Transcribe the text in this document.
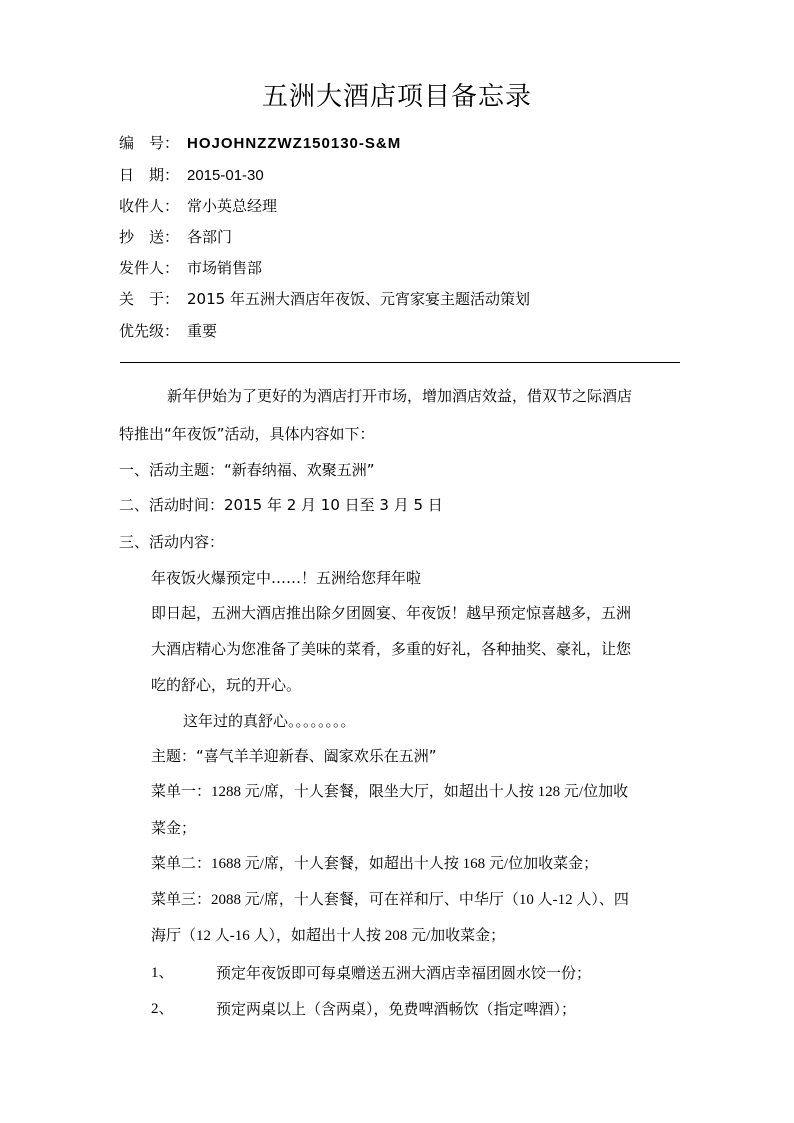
五洲大酒店项目备忘录
编　号： HOJOHNZZWZ150130-S&M
日　期： 2015-01-30
收件人： 常小英总经理
抄　送： 各部门
发件人： 市场销售部
关　于： 2015 年五洲大酒店年夜饭、元宵家宴主题活动策划
优先级： 重要
新年伊始为了更好的为酒店打开市场，增加酒店效益，借双节之际酒店
特推出“年夜饭”活动，具体内容如下：
一、活动主题：“新春纳福、欢聚五洲”
二、活动时间：2015 年 2 月 10 日至 3 月 5 日
三、活动内容：
年夜饭火爆预定中……！五洲给您拜年啦
即日起，五洲大酒店推出除夕团圆宴、年夜饭！越早预定惊喜越多，五洲
大酒店精心为您准备了美味的菜肴，多重的好礼，各种抽奖、豪礼，让您
吃的舒心，玩的开心。
这年过的真舒心。。。。。。。。
主题：“喜气羊羊迎新春、阖家欢乐在五洲”
菜单一：1288 元/席，十人套餐，限坐大厅，如超出十人按 128 元/位加收
菜金；
菜单二：1688 元/席，十人套餐，如超出十人按 168 元/位加收菜金；
菜单三：2088 元/席，十人套餐，可在祥和厅、中华厅（10 人-12 人）、四
海厅（12 人-16 人），如超出十人按 208 元/加收菜金；
1、	预定年夜饭即可每桌赠送五洲大酒店幸福团圆水饺一份；
2、	预定两桌以上（含两桌），免费啤酒畅饮（指定啤酒）；
